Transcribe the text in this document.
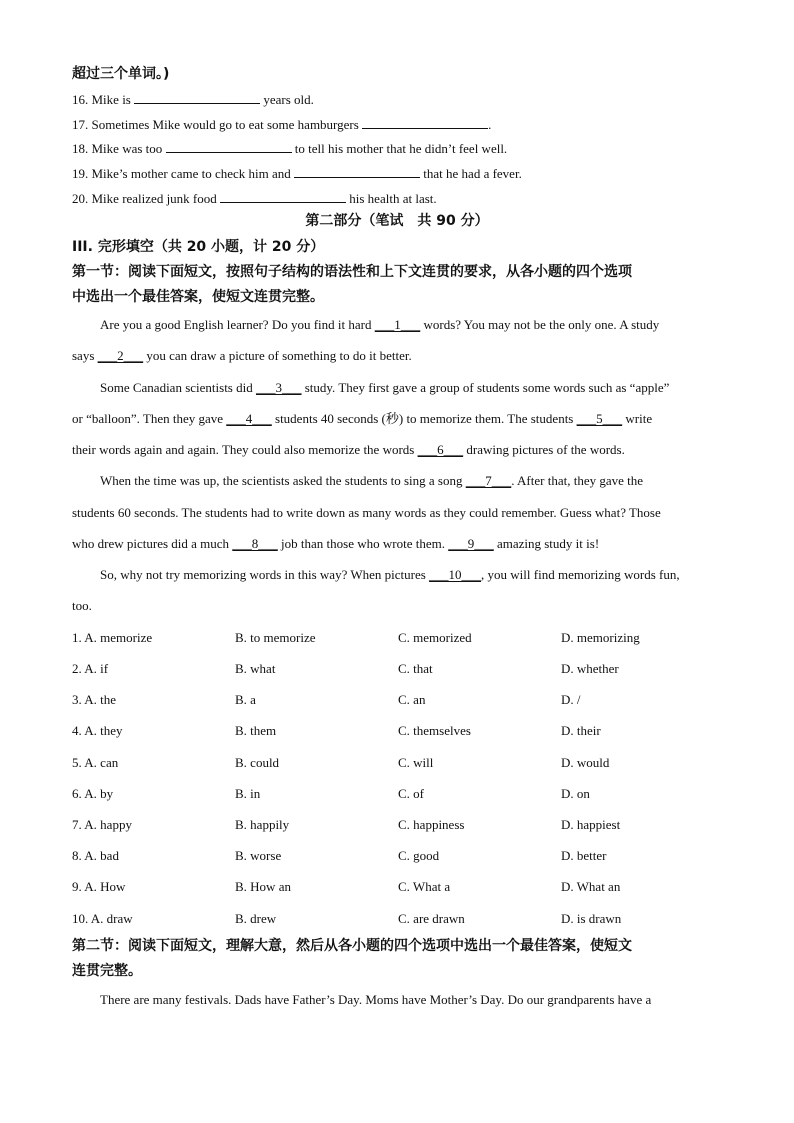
超过三个单词。)
16. Mike is	years old.
17. Sometimes Mike would go to eat some hamburgers	.
18. Mike was too	to tell his mother that he didn’t feel well.
19. Mike’s mother came to check him and	that he had a fever.
20. Mike realized junk food	his health at last.
第二部分（笔试　共 90 分）
III. 完形填空（共 20 小题，计 20 分）
第一节：阅读下面短文，按照句子结构的语法性和上下文连贯的要求，从各小题的四个选项
中选出一个最佳答案，使短文连贯完整。
Are you a good English learner? Do you find it hard ___1___ words? You may not be the only one. A study
says ___2___ you can draw a picture of something to do it better.
Some Canadian scientists did ___3___ study. They first gave a group of students some words such as “apple”
or “balloon”. Then they gave ___4___ students 40 seconds (秒) to memorize them. The students ___5___ write
their words again and again. They could also memorize the words ___6___ drawing pictures of the words.
When the time was up, the scientists asked the students to sing a song ___7___. After that, they gave the
students 60 seconds. The students had to write down as many words as they could remember. Guess what? Those
who drew pictures did a much ___8___ job than those who wrote them. ___9___ amazing study it is!
So, why not try memorizing words in this way? When pictures ___10___, you will find memorizing words fun,
too.
1. A. memorize	B. to memorize	C. memorized	D. memorizing
2. A. if	B. what	C. that	D. whether
3. A. the	B. a	C. an	D. /
4. A. they	B. them	C. themselves	D. their
5. A. can	B. could	C. will	D. would
6. A. by	B. in	C. of	D. on
7. A. happy	B. happily	C. happiness	D. happiest
8. A. bad	B. worse	C. good	D. better
9. A. How	B. How an	C. What a	D. What an
10. A. draw	B. drew	C. are drawn	D. is drawn
第二节：阅读下面短文，理解大意，然后从各小题的四个选项中选出一个最佳答案，使短文
连贯完整。
There are many festivals. Dads have Father’s Day. Moms have Mother’s Day. Do our grandparents have a
